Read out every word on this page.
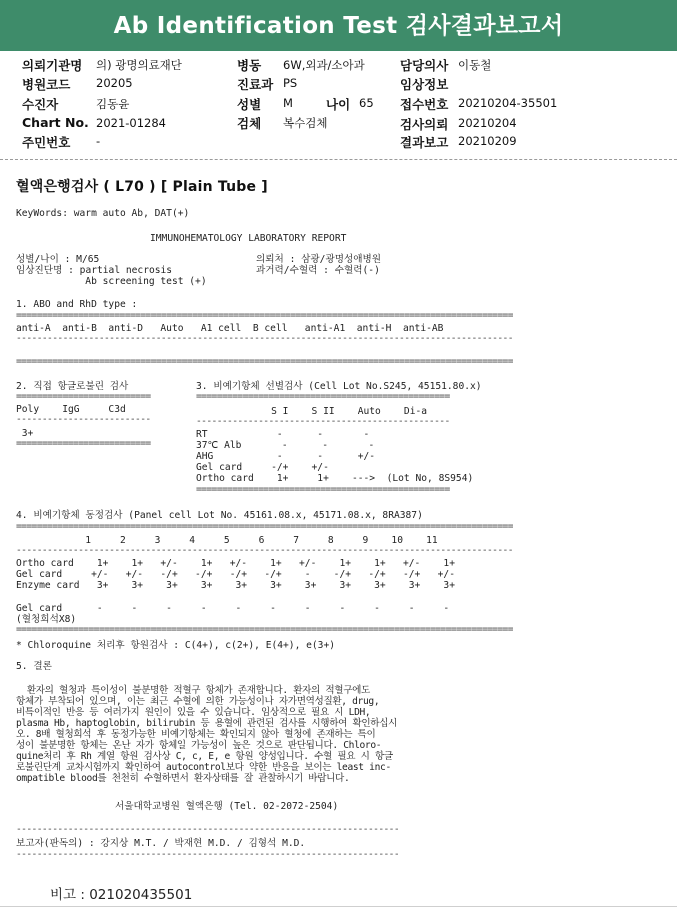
Ab Identification Test 검사결과보고서
의뢰기관명 의) 광명의료재단
병원코드 20205
수진자	김동윤
Chart No. 2021-01284
주민번호 -
병동 6W,외과/소아과
진료과 PS
성별 M	나이 65
검체 복수검체
담당의사 이동철
임상정보
접수번호 20210204-35501
검사의뢰 20210204
결과보고 20210209
혈액은행검사 ( L70 ) [ Plain Tube ]
KeyWords: warm auto Ab, DAT(+)
IMMUNOHEMATOLOGY LABORATORY REPORT
성별/나이 : M/65
임상진단명 : partial necrosis
Ab screening test (+)
의뢰처 : 삼광/광명성애병원
과거력/수혈력 : 수혈력(-)
1. ABO and RhD type :
================================================================================================
anti-A  anti-B  anti-D   Auto   A1 cell  B cell   anti-A1  anti-H  anti-AB
------------------------------------------------------------------------------------------------
================================================================================================
2. 직접 항글로불린 검사
==========================
Poly    IgG     C3d
--------------------------
3+
==========================
3. 비예기항체 선별검사 (Cell Lot No.S245, 45151.80.x)
=================================================
S I    S II    Auto    Di-a
-------------------------------------------------
RT            -      -       -
37℃ Alb       -      -       -
AHG           -      -      +/-
Gel card     -/+    +/-
Ortho card    1+     1+    --->  (Lot No, 8S954)
=================================================
4. 비예기항체 동정검사 (Panel cell Lot No. 45161.08.x, 45171.08.x, 8RA387)
================================================================================================
1     2     3     4     5     6     7     8     9    10    11
------------------------------------------------------------------------------------------------
Ortho card    1+    1+   +/-    1+   +/-    1+   +/-    1+    1+   +/-    1+
Gel card     +/-   +/-   -/+   -/+   -/+   -/+    -    -/+   -/+   -/+   +/-
Enzyme card   3+    3+    3+    3+    3+    3+    3+    3+    3+    3+    3+
Gel card      -     -     -     -     -     -     -     -     -     -     -
(혈청희석X8)
================================================================================================
* Chloroquine 처리후 항원검사 : C(4+), c(2+), E(4+), e(3+)
5. 결론
환자의 혈청과 특이성이 불분명한 적혈구 항체가 존재합니다. 환자의 적혈구에도
항체가 부착되어 있으며, 이는 최근 수혈에 의한 가능성이나 자가면역성질환, drug,
비특이적인 반응 등 여러가지 원인이 있을 수 있습니다. 임상적으로 필요 시 LDH,
plasma Hb, haptoglobin, bilirubin 등 용혈에 관련된 검사를 시행하여 확인하십시
오. 8배 혈청희석 후 동정가능한 비예기항체는 확인되지 않아 혈청에 존재하는 특이
성이 불분명한 항체는 온난 자가 항체일 가능성이 높은 것으로 판단됩니다. Chloro-
quine처리 후 Rh 계열 항원 검사상 C, c, E, e 항원 양성입니다. 수혈 필요 시 항글
로불린단계 교차시험까지 확인하여 autocontrol보다 약한 반응을 보이는 least inc-
ompatible blood를 천천히 수혈하면서 환자상태를 잘 관찰하시기 바랍니다.
서울대학교병원 혈액은행 (Tel. 02-2072-2504)
--------------------------------------------------------------------------
보고자(판독의) : 강지상 M.T. / 박재현 M.D. / 김형석 M.D.
--------------------------------------------------------------------------
비고 : 021020435501
